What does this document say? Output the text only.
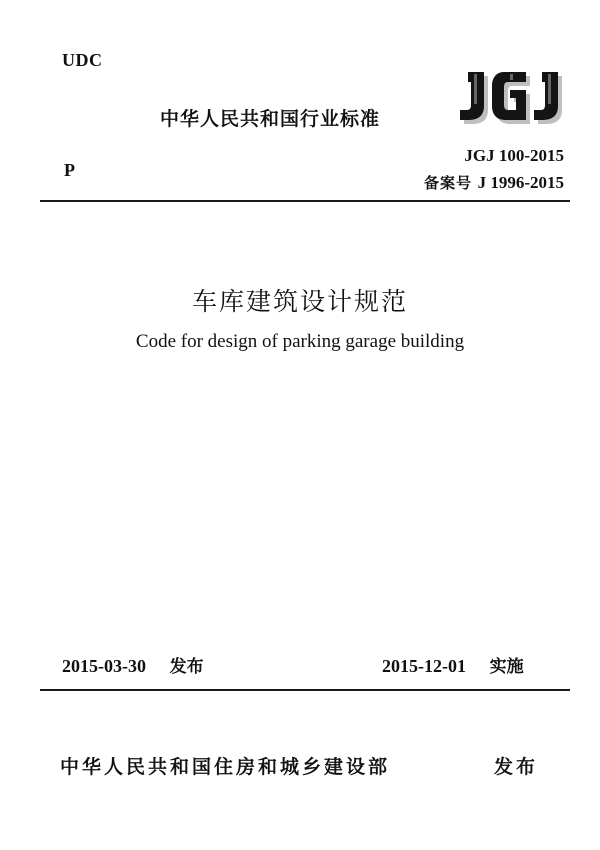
UDC
中华人民共和国行业标准
P
JGJ 100-2015
备案号 J 1996-2015
车库建筑设计规范
Code for design of parking garage building
2015-03-30 发布	2015-12-01 实施
中华人民共和国住房和城乡建设部	发布
